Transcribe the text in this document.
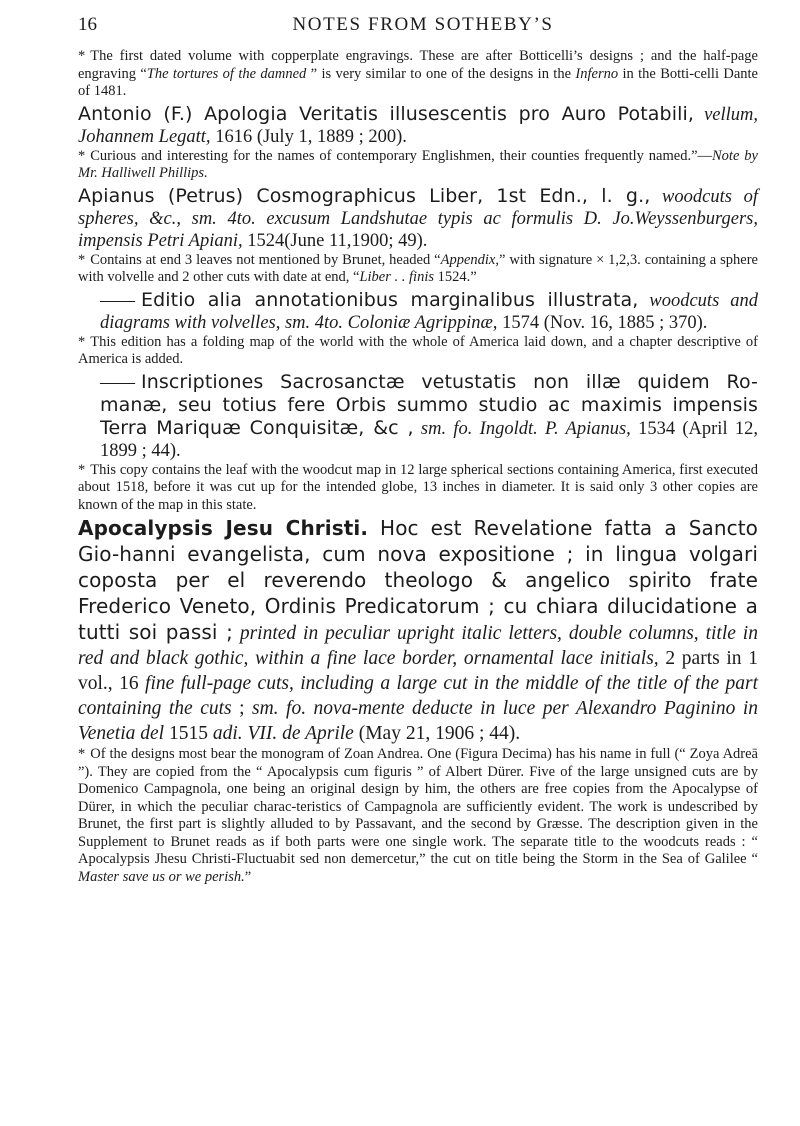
16	NOTES FROM SOTHEBY’S

* The first dated volume with copperplate engravings. These are after Botticelli’s designs ; and the half-page engraving “The tortures of the damned ” is very similar to one of the designs in the Inferno in the Botti-celli Dante of 1481.

Antonio (F.) Apologia Veritatis illusescentis pro Auro Potabili, vellum, Johannem Legatt, 1616 (July 1, 1889 ; 200).

* Curious and interesting for the names of contemporary Englishmen, their counties frequently named.”—Note by Mr. Halliwell Phillips.

Apianus (Petrus) Cosmographicus Liber, 1st Edn., l. g., woodcuts of spheres, &c., sm. 4to. excusum Landshutae typis ac formulis D. Jo.Weyssenburgers, impensis Petri Apiani, 1524(June 11,1900; 49).

* Contains at end 3 leaves not mentioned by Brunet, headed “Appendix,” with signature × 1,2,3. containing a sphere with volvelle and 2 other cuts with date at end, “Liber . . finis 1524.”

—— Editio alia annotationibus marginalibus illustrata, woodcuts and diagrams with volvelles, sm. 4to. Coloniæ Agrippinæ, 1574 (Nov. 16, 1885 ; 370).

* This edition has a folding map of the world with the whole of America laid down, and a chapter descriptive of America is added.

—— Inscriptiones Sacrosanctæ vetustatis non illæ quidem Ro-manæ, seu totius fere Orbis summo studio ac maximis impensis Terra Mariquæ Conquisitæ, &c , sm. fo. Ingoldt. P. Apianus, 1534 (April 12, 1899 ; 44).

* This copy contains the leaf with the woodcut map in 12 large spherical sections containing America, first executed about 1518, before it was cut up for the intended globe, 13 inches in diameter. It is said only 3 other copies are known of the map in this state.

Apocalypsis Jesu Christi. Hoc est Revelatione fatta a Sancto Gio-hanni evangelista, cum nova expositione ; in lingua volgari coposta per el reverendo theologo & angelico spirito frate Frederico Veneto, Ordinis Predicatorum ; cu chiara dilucidatione a tutti soi passi ; printed in peculiar upright italic letters, double columns, title in red and black gothic, within a fine lace border, ornamental lace initials, 2 parts in 1 vol., 16 fine full-page cuts, including a large cut in the middle of the title of the part containing the cuts ; sm. fo. nova-mente deducte in luce per Alexandro Paginino in Venetia del 1515 adi. VII. de Aprile (May 21, 1906 ; 44).

* Of the designs most bear the monogram of Zoan Andrea. One (Figura Decima) has his name in full (“ Zoya Adreā ”). They are copied from the “ Apocalypsis cum figuris ” of Albert Dürer. Five of the large unsigned cuts are by Domenico Campagnola, one being an original design by him, the others are free copies from the Apocalypse of Dürer, in which the peculiar charac-teristics of Campagnola are sufficiently evident. The work is undescribed by Brunet, the first part is slightly alluded to by Passavant, and the second by Græsse. The description given in the Supplement to Brunet reads as if both parts were one single work. The separate title to the woodcuts reads : “ Apocalypsis Jhesu Christi-Fluctuabit sed non demercetur,” the cut on title being the Storm in the Sea of Galilee “ Master save us or we perish.”
